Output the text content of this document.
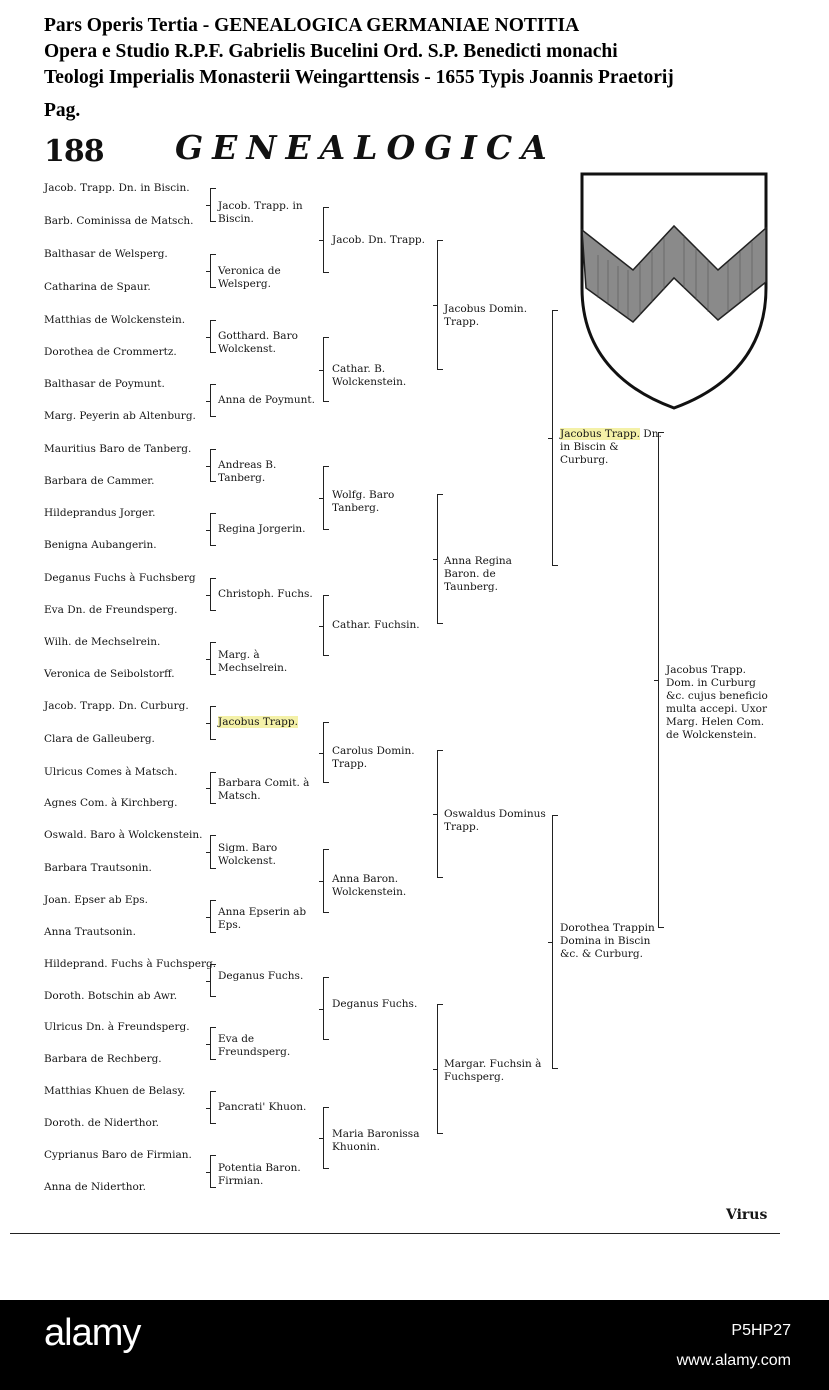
Pars Operis Tertia - GENEALOGICA GERMANIAE NOTITIA
Opera e Studio R.P.F. Gabrielis Bucelini Ord. S.P. Benedicti monachi
Teologi Imperialis Monasterii Weingarttensis - 1655 Typis Joannis Praetorij
Pag.
188 GENEALOGICA
Jacob. Trapp. Dn. in Biscin.
Barb. Cominissa de Matsch.
Balthasar de Welsperg.
Catharina de Spaur.
Matthias de Wolckenstein.
Dorothea de Crommertz.
Balthasar de Poymunt.
Marg. Peyerin ab Altenburg.
Mauritius Baro de Tanberg.
Barbara de Cammer.
Hildeprandus Jorger.
Benigna Aubangerin.
Deganus Fuchs à Fuchsberg
Eva Dn. de Freundsperg.
Wilh. de Mechselrein.
Veronica de Seibolstorff.
Jacob. Trapp. Dn. Curburg.
Clara de Galleuberg.
Ulricus Comes à Matsch.
Agnes Com. à Kirchberg.
Oswald. Baro à Wolckenstein.
Barbara Trautsonin.
Joan. Epser ab Eps.
Anna Trautsonin.
Hildeprand. Fuchs à Fuchsperg.
Doroth. Botschin ab Awr.
Ulricus Dn. à Freundsperg.
Barbara de Rechberg.
Matthias Khuen de Belasy.
Doroth. de Niderthor.
Cyprianus Baro de Firmian.
Anna de Niderthor.
Jacob. Trapp. in Biscin.
Veronica de Welsperg.
Gotthard. Baro Wolckenst.
Anna de Poymunt.
Andreas B. Tanberg.
Regina Jorgerin.
Christoph. Fuchs.
Marg. à Mechselrein.
Jacobus Trapp.
Barbara Comit. à Matsch.
Sigm. Baro Wolckenst.
Anna Epserin ab Eps.
Deganus Fuchs.
Eva de Freundsperg.
Pancrati' Khuon.
Potentia Baron. Firmian.
Jacob. Dn. Trapp.
Cathar. B. Wolckenstein.
Wolfg. Baro Tanberg.
Cathar. Fuchsin.
Carolus Domin. Trapp.
Anna Baron. Wolckenstein.
Deganus Fuchs.
Maria Baronissa Khuonin.
Jacobus Domin. Trapp.
Anna Regina Baron. de Taunberg.
Oswaldus Dominus Trapp.
Margar. Fuchsin à Fuchsperg.
Jacobus Trapp. Dn. in Biscin & Curburg.
Dorothea Trappin Domina in Biscin &c. & Curburg.
Jacobus Trapp. Dom. in Curburg &c. cujus beneficio multa accepi. Uxor Marg. Helen Com. de Wolckenstein.
Virus
alamy	P5HP27
www.alamy.com
